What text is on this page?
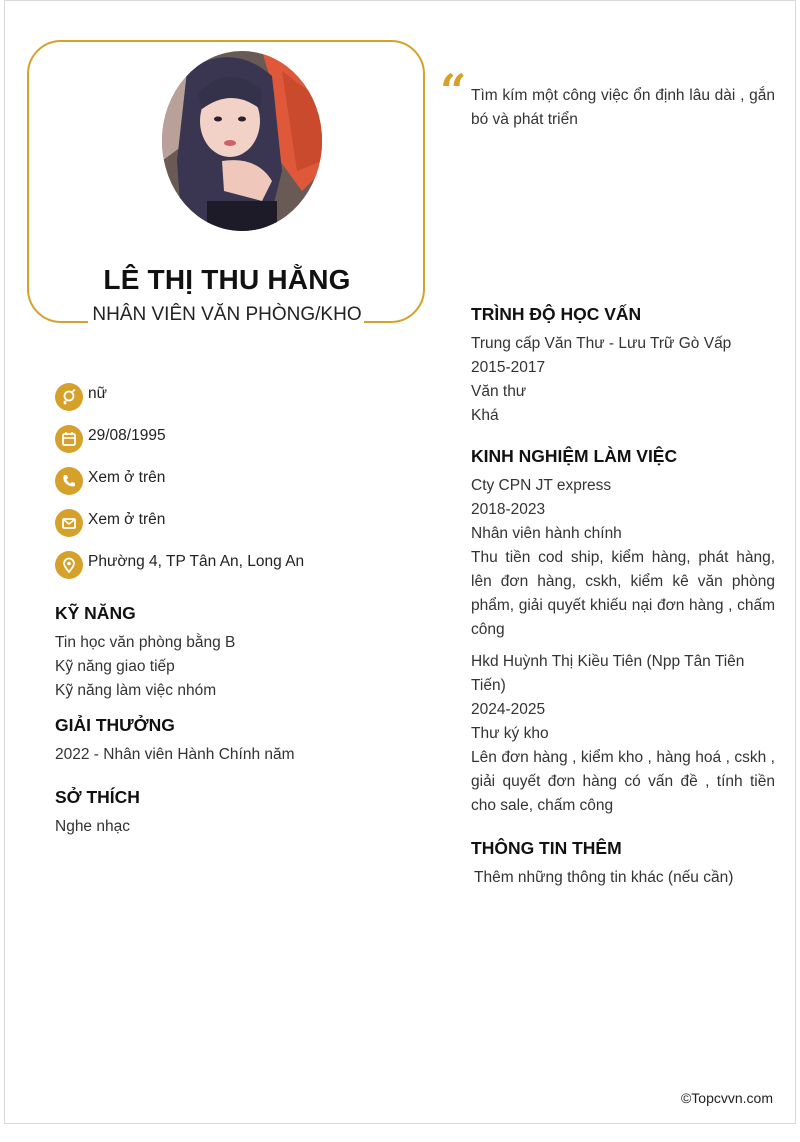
LÊ THỊ THU HẰNG
NHÂN VIÊN VĂN PHÒNG/KHO
“ Tìm kím một công việc ổn định lâu dài , gắn bó và phát triển
nữ
29/08/1995
Xem ở trên
Xem ở trên
Phường 4, TP Tân An, Long An
KỸ NĂNG
Tin học văn phòng bằng B
Kỹ năng giao tiếp
Kỹ năng làm việc nhóm
GIẢI THƯỞNG
2022 - Nhân viên Hành Chính năm
SỞ THÍCH
Nghe nhạc
TRÌNH ĐỘ HỌC VẤN
Trung cấp Văn Thư - Lưu Trữ Gò Vấp
2015-2017
Văn thư
Khá
KINH NGHIỆM LÀM VIỆC
Cty CPN JT express
2018-2023
Nhân viên hành chính
Thu tiền cod ship, kiểm hàng, phát hàng, lên đơn hàng, cskh, kiểm kê văn phòng phẩm, giải quyết khiếu nại đơn hàng , chấm công
Hkd Huỳnh Thị Kiều Tiên (Npp Tân Tiên Tiến)
2024-2025
Thư ký kho
Lên đơn hàng , kiểm kho , hàng hoá , cskh , giải quyết đơn hàng có vấn đề , tính tiền cho sale, chấm công
THÔNG TIN THÊM
Thêm những thông tin khác (nếu cần)
©Topcvvn.com
